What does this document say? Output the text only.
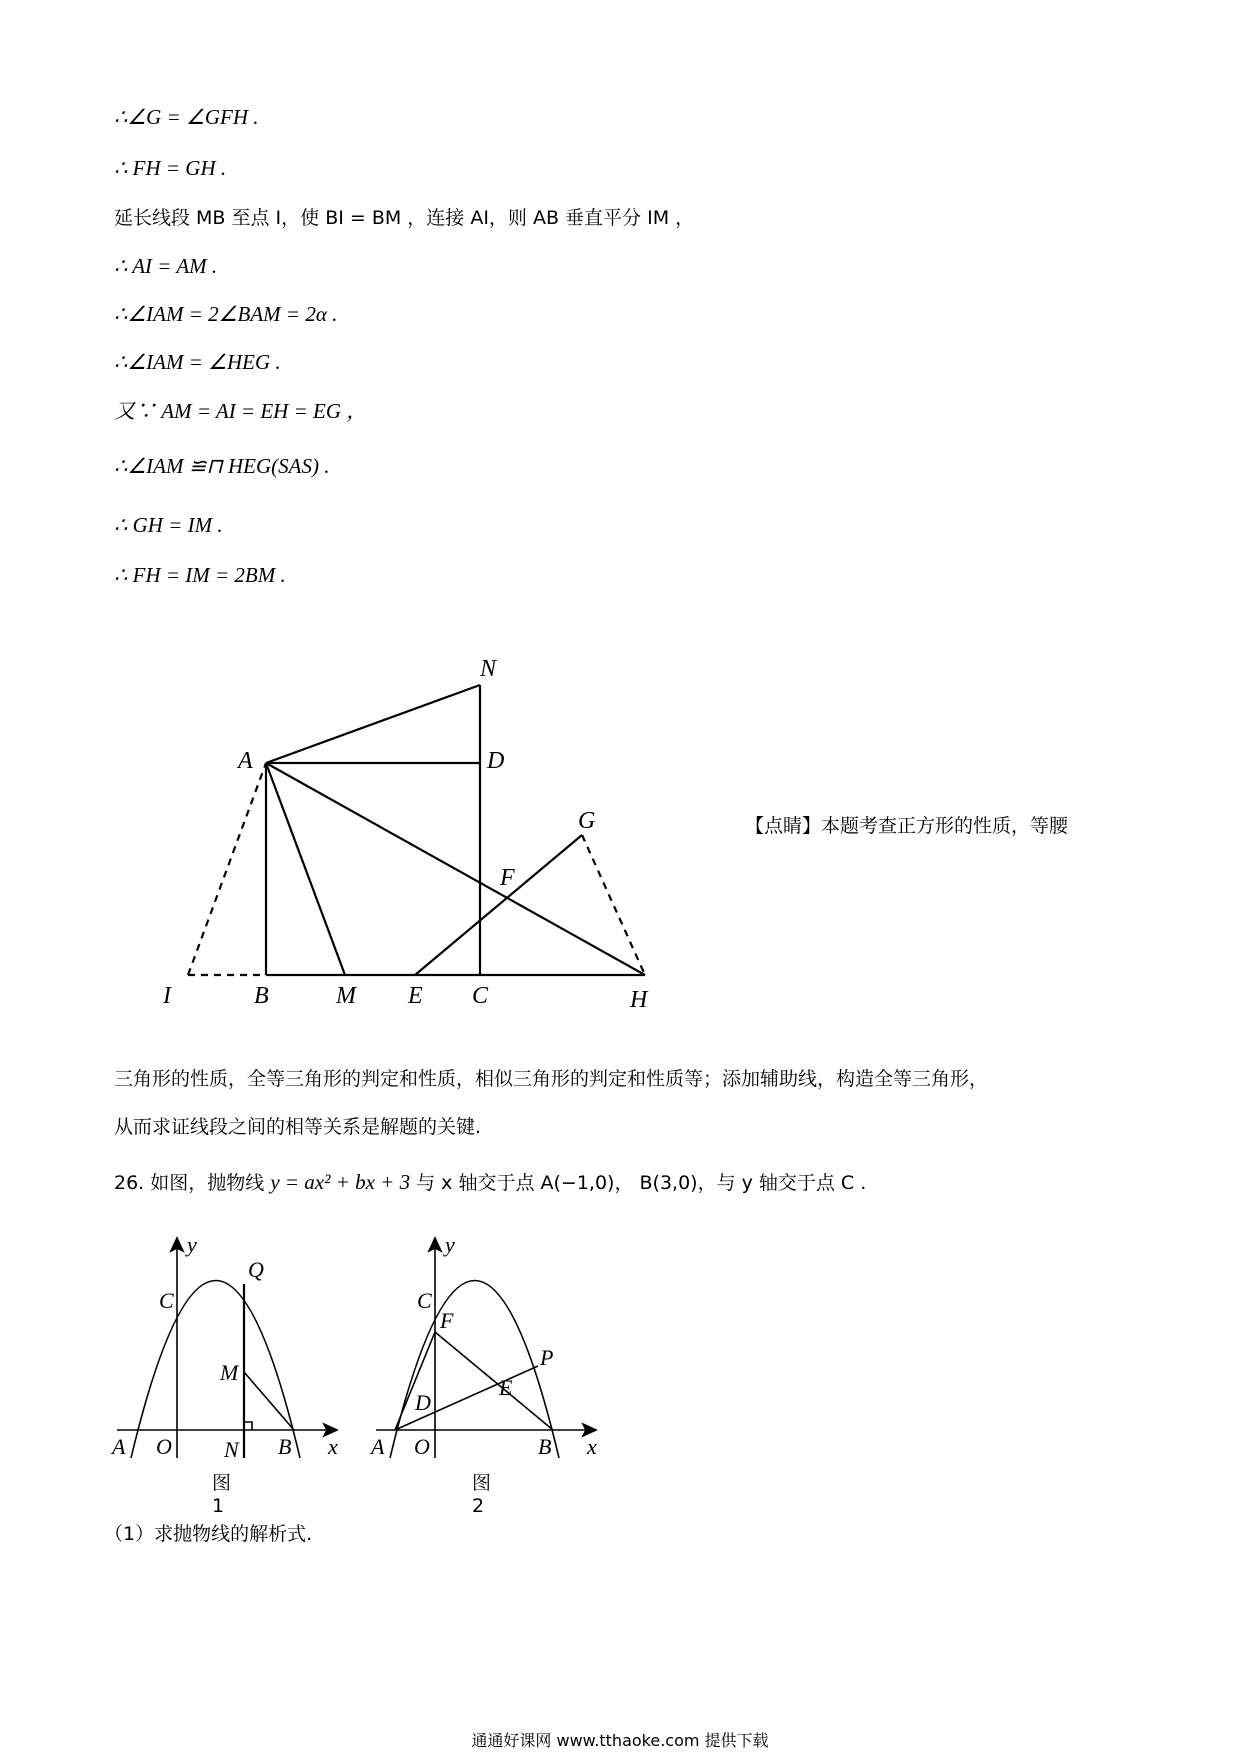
∴∠G = ∠GFH .
∴ FH = GH .
延长线段 MB 至点 I，使 BI = BM ，连接 AI，则 AB 垂直平分 IM ，
∴ AI = AM .
∴∠IAM = 2∠BAM = 2α .
∴∠IAM = ∠HEG .
又∵ AM = AI = EH = EG ，
∴∠IAM ≌⊓ HEG(SAS) .
∴ GH = IM .
∴ FH = IM = 2BM .
N
A	D
G
F
I	B	M E C	H
y
Q
C
M
A O N B x
图1
y
C
F
P
E
D
A O	B x
图2
【点睛】本题考查正方形的性质，等腰
三角形的性质，全等三角形的判定和性质，相似三角形的判定和性质等；添加辅助线，构造全等三角形，
从而求证线段之间的相等关系是解题的关键.
26. 如图，抛物线 y = ax² + bx + 3 与 x 轴交于点 A(−1,0)， B(3,0)，与 y 轴交于点 C .
（1）求抛物线的解析式.
通通好课网 www.tthaoke.com 提供下载
